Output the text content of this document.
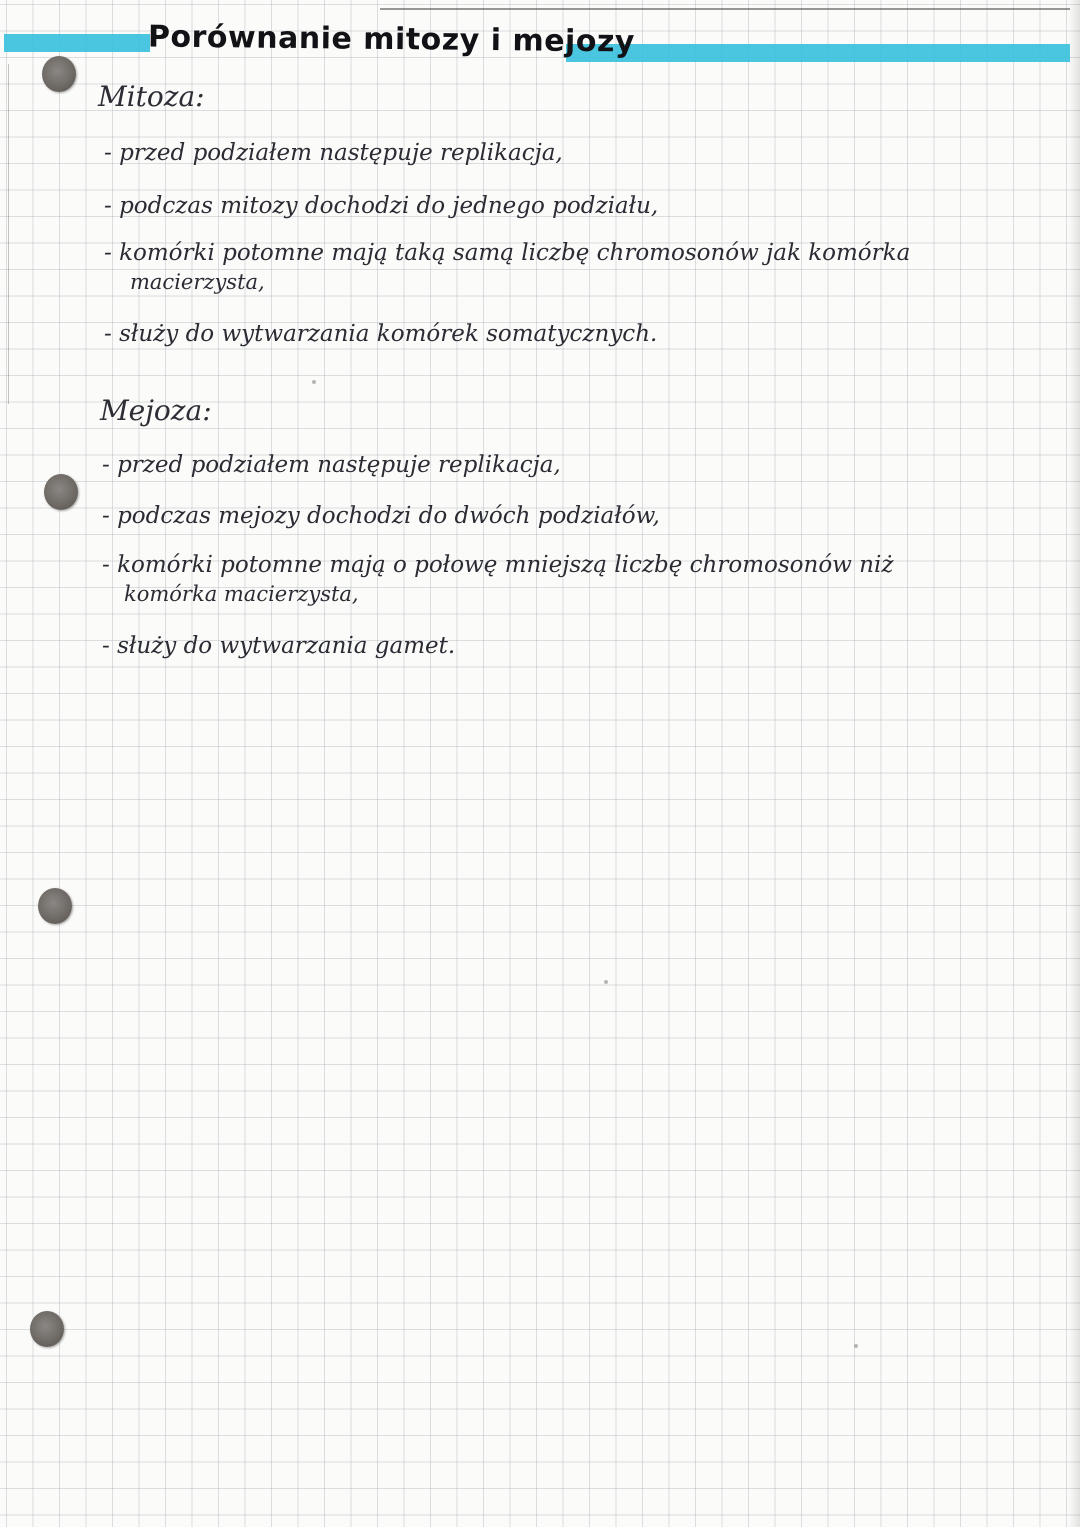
Porównanie mitozy i mejozy
Mitoza:
- przed podziałem następuje replikacja,
- podczas mitozy dochodzi do jednego podziału,
- komórki potomne mają taką samą liczbę chromosonów jak komórka
macierzysta,
- służy do wytwarzania komórek somatycznych.
Mejoza:
- przed podziałem następuje replikacja,
- podczas mejozy dochodzi do dwóch podziałów,
- komórki potomne mają o połowę mniejszą liczbę chromosonów niż
komórka macierzysta,
- służy do wytwarzania gamet.
